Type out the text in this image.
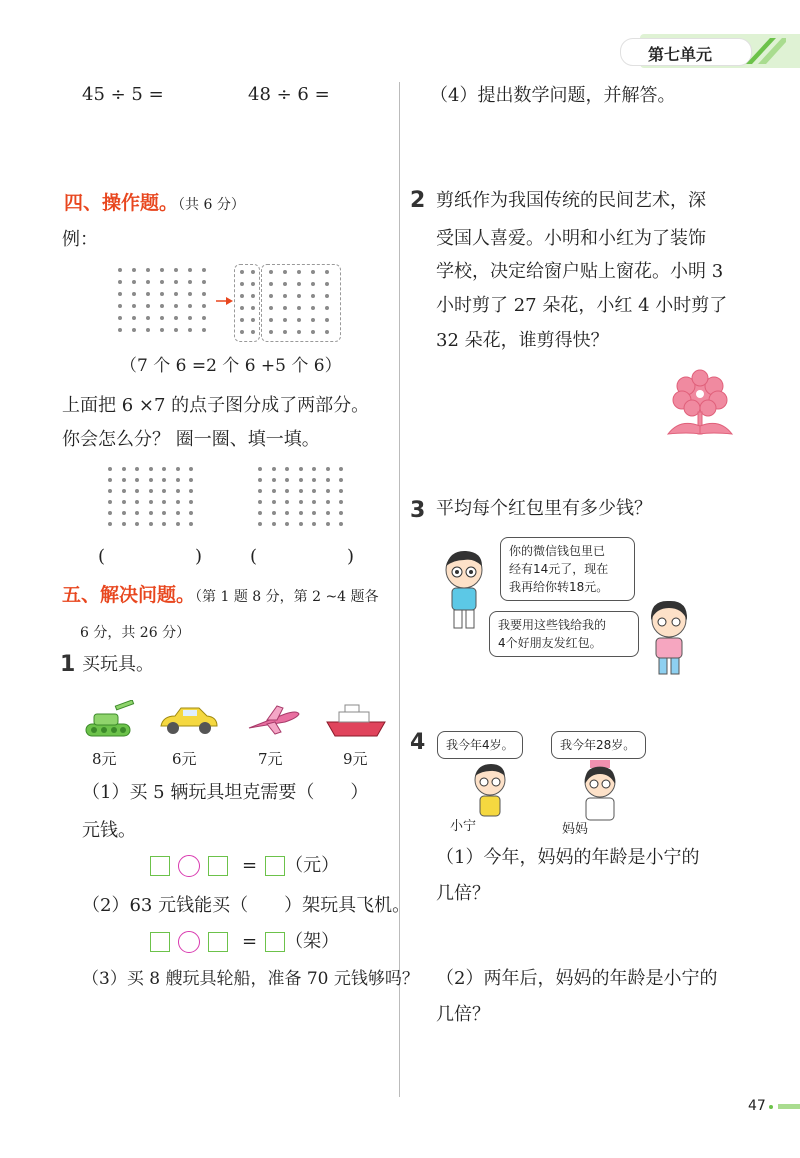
第七单元
45 ÷ 5 =	48 ÷ 6 =
四、操作题。（共 6 分）
例：
（7 个 6 =2 个 6 +5 个 6）
上面把 6 ×7 的点子图分成了两部分。
你会怎么分？ 圈一圈、填一填。
(　　　　　)	(　　　　　)
五、解决问题。（第 1 题 8 分，第 2 ~4 题各
6 分，共 26 分）
1 买玩具。
8元	6元	7元	9元
（1）买 5 辆玩具坦克需要（　　）
元钱。
= （元）
（2）63 元钱能买（　　）架玩具飞机。
= （架）
（3）买 8 艘玩具轮船，准备 70 元钱够吗？
（4）提出数学问题，并解答。
2 剪纸作为我国传统的民间艺术，深
受国人喜爱。小明和小红为了装饰
学校，决定给窗户贴上窗花。小明 3
小时剪了 27 朵花，小红 4 小时剪了
32 朵花，谁剪得快？
3 平均每个红包里有多少钱？
你的微信钱包里已
经有14元了，现在
我再给你转18元。
我要用这些钱给我的
4个好朋友发红包。
4	我今年4岁。	我今年28岁。
小宁	妈妈
（1）今年，妈妈的年龄是小宁的
几倍？
（2）两年后，妈妈的年龄是小宁的
几倍？
47
